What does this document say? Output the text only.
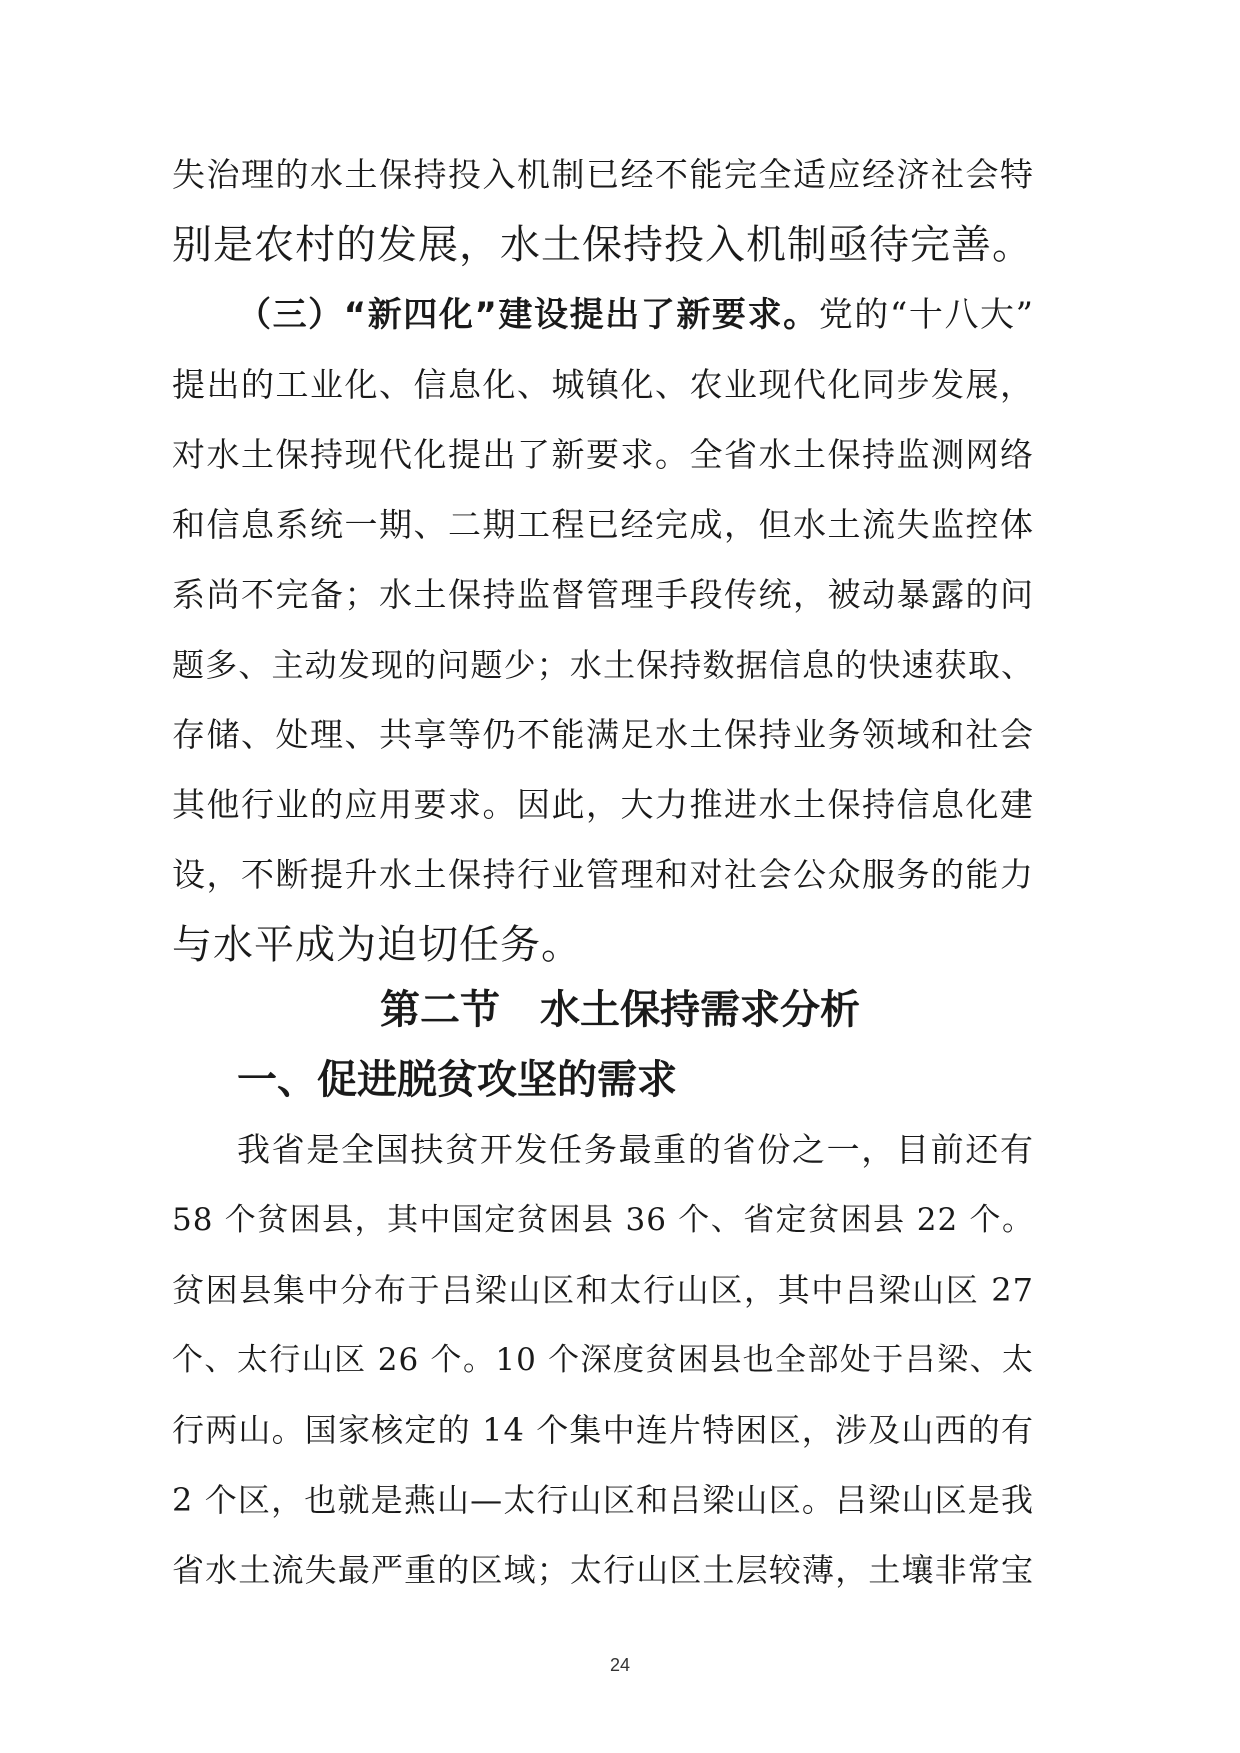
失治理的水土保持投入机制已经不能完全适应经济社会特
别是农村的发展，水土保持投入机制亟待完善。
（三）“新四化”建设提出了新要求。党的“十八大”
提出的工业化、信息化、城镇化、农业现代化同步发展，
对水土保持现代化提出了新要求。全省水土保持监测网络
和信息系统一期、二期工程已经完成，但水土流失监控体
系尚不完备；水土保持监督管理手段传统，被动暴露的问
题多、主动发现的问题少；水土保持数据信息的快速获取、
存储、处理、共享等仍不能满足水土保持业务领域和社会
其他行业的应用要求。因此，大力推进水土保持信息化建
设，不断提升水土保持行业管理和对社会公众服务的能力
与水平成为迫切任务。
第二节 水土保持需求分析
一、促进脱贫攻坚的需求
我省是全国扶贫开发任务最重的省份之一，目前还有
58 个贫困县，其中国定贫困县 36 个、省定贫困县 22 个。
贫困县集中分布于吕梁山区和太行山区，其中吕梁山区 27
个、太行山区 26 个。10 个深度贫困县也全部处于吕梁、太
行两山。国家核定的 14 个集中连片特困区，涉及山西的有
2 个区，也就是燕山—太行山区和吕梁山区。吕梁山区是我
省水土流失最严重的区域；太行山区土层较薄，土壤非常宝
24
